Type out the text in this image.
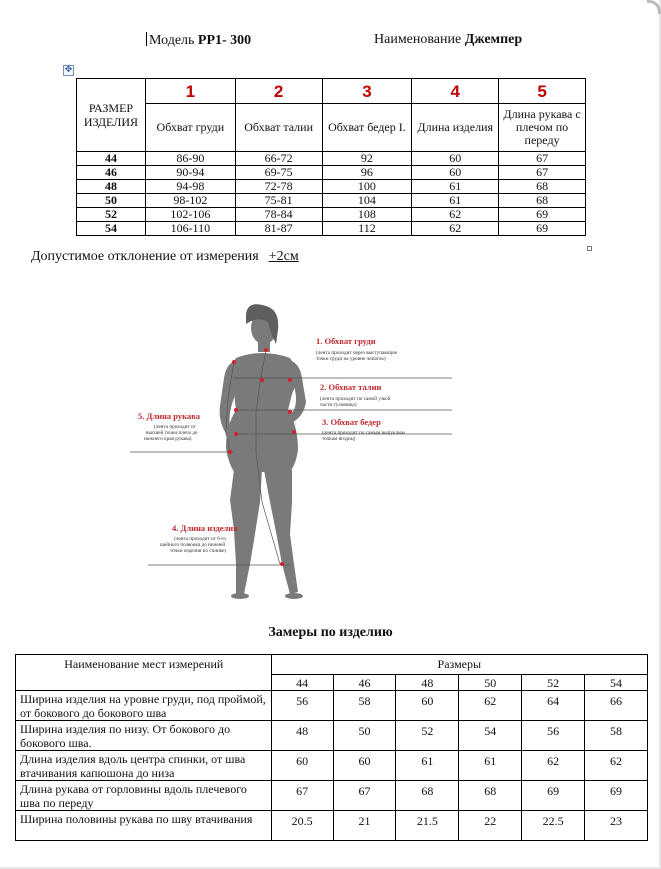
Модель РР1- 300	Наименование Джемпер
✥
РАЗМЕР ИЗДЕЛИЯ	1	2	3	4	5
	Обхват груди	Обхват талии	Обхват бедер I.	Длина изделия	Длина рукава с плечом по переду
44	86-90	66-72	92	60	67
46	90-94	69-75	96	60	67
48	94-98	72-78	100	61	68
50	98-102	75-81	104	61	68
52	102-106	78-84	108	62	69
54	106-110	81-87	112	62	69
Допустимое отклонение от измерения +2см
1. Обхват груди
(лента проходит через выступающие
точки груди на уровне лопаток)
2. Обхват талии
(лента проходит по самой узкой
части туловища)
3. Обхват бедер
(лента проходит по самым выпуклым
точкам ягодиц)
5. Длина рукава
(лента проходит от
высшей точки плеча до
нижнего края рукава)
4. Длина изделия
(лента проходит от 6-го
шейного позвонка до нижней
точки изделия по спинке)
Замеры по изделию
Наименование мест измерений	Размеры					
	44	46	48	50	52	54
Ширина изделия на уровне груди, под проймой, от бокового до бокового шва	56	58	60	62	64	66
Ширина изделия по низу. От бокового до бокового шва.	48	50	52	54	56	58
Длина изделия вдоль центра спинки, от шва втачивания капюшона до низа	60	60	61	61	62	62
Длина рукава от горловины вдоль плечевого шва по переду	67	67	68	68	69	69
Ширина половины рукава по шву втачивания	20.5	21	21.5	22	22.5	23
